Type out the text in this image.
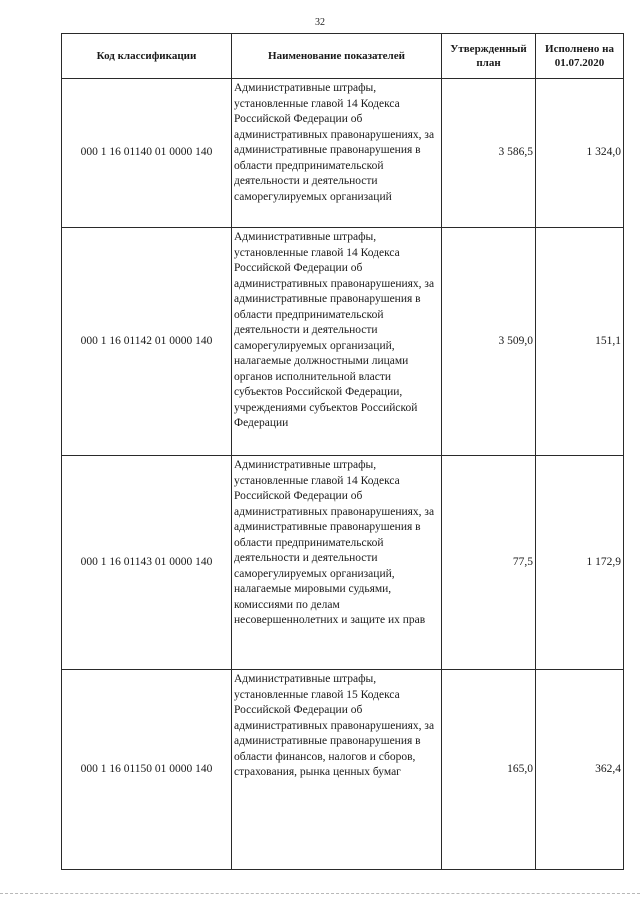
32
Код классификации	Наименование показателей	Утвержденный план	Исполнено на 01.07.2020
000 1 16 01140 01 0000 140	Административные штрафы, установленные главой 14 Кодекса Российской Федерации об административных правонарушениях, за административные правонарушения в области предпринимательской деятельности и деятельности саморегулируемых организаций	3 586,5	1 324,0
000 1 16 01142 01 0000 140	Административные штрафы, установленные главой 14 Кодекса Российской Федерации об административных правонарушениях, за административные правонарушения в области предпринимательской деятельности и деятельности саморегулируемых организаций, налагаемые должностными лицами органов исполнительной власти субъектов Российской Федерации, учреждениями субъектов Российской Федерации	3 509,0	151,1
000 1 16 01143 01 0000 140	Административные штрафы, установленные главой 14 Кодекса Российской Федерации об административных правонарушениях, за административные правонарушения в области предпринимательской деятельности и деятельности саморегулируемых организаций, налагаемые мировыми судьями, комиссиями по делам несовершеннолетних и защите их прав	77,5	1 172,9
000 1 16 01150 01 0000 140	Административные штрафы, установленные главой 15 Кодекса Российской Федерации об административных правонарушениях, за административные правонарушения в области финансов, налогов и сборов, страхования, рынка ценных бумаг	165,0	362,4
